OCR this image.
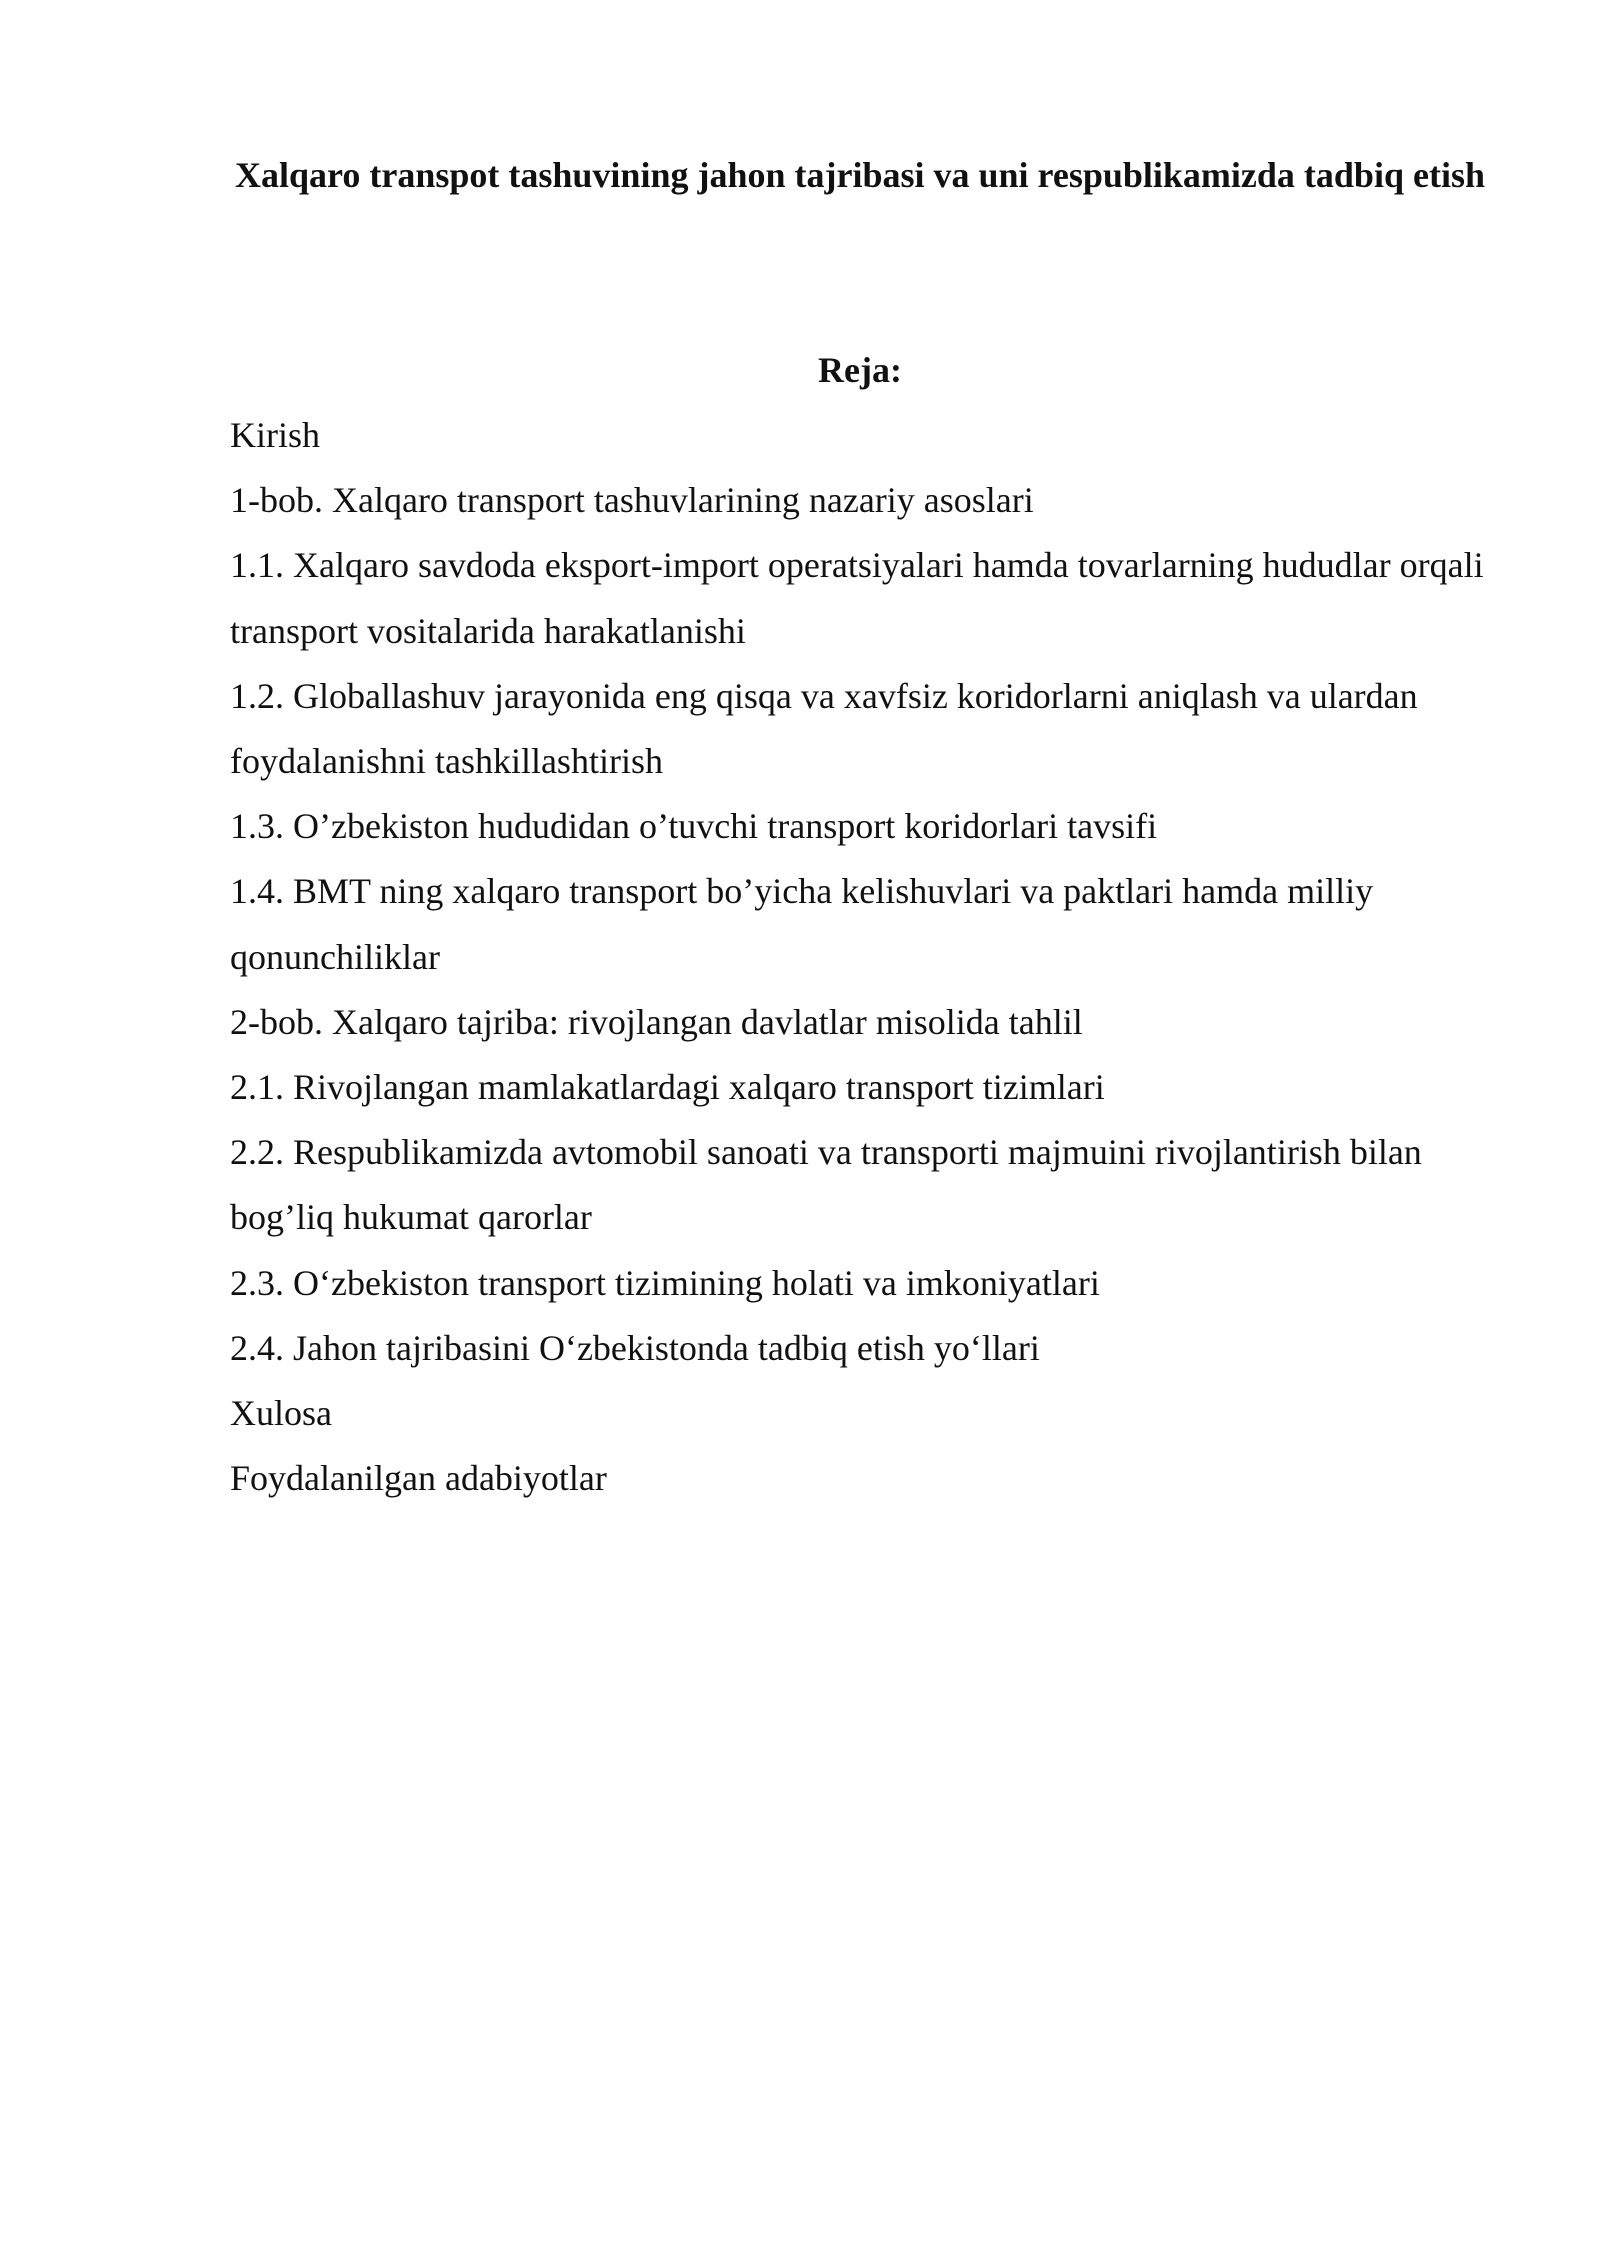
Xalqaro transpot tashuvining jahon tajribasi va uni respublikamizda tadbiq etish
Reja:
Kirish
1-bob. Xalqaro transport tashuvlarining nazariy asoslari
1.1. Xalqaro savdoda eksport-import operatsiyalari hamda tovarlarning hududlar orqali transport vositalarida harakatlanishi
1.2. Globallashuv jarayonida eng qisqa va xavfsiz koridorlarni aniqlash va ulardan foydalanishni tashkillashtirish
1.3. O’zbekiston hududidan o’tuvchi transport koridorlari tavsifi
1.4. BMT ning xalqaro transport bo’yicha kelishuvlari va paktlari hamda milliy qonunchiliklar
2-bob. Xalqaro tajriba: rivojlangan davlatlar misolida tahlil
2.1. Rivojlangan mamlakatlardagi xalqaro transport tizimlari
2.2. Respublikamizda avtomobil sanoati va transporti majmuini rivojlantirish bilan bog’liq hukumat qarorlar
2.3. O‘zbekiston transport tizimining holati va imkoniyatlari
2.4. Jahon tajribasini O‘zbekistonda tadbiq etish yo‘llari
Xulosa
Foydalanilgan adabiyotlar
